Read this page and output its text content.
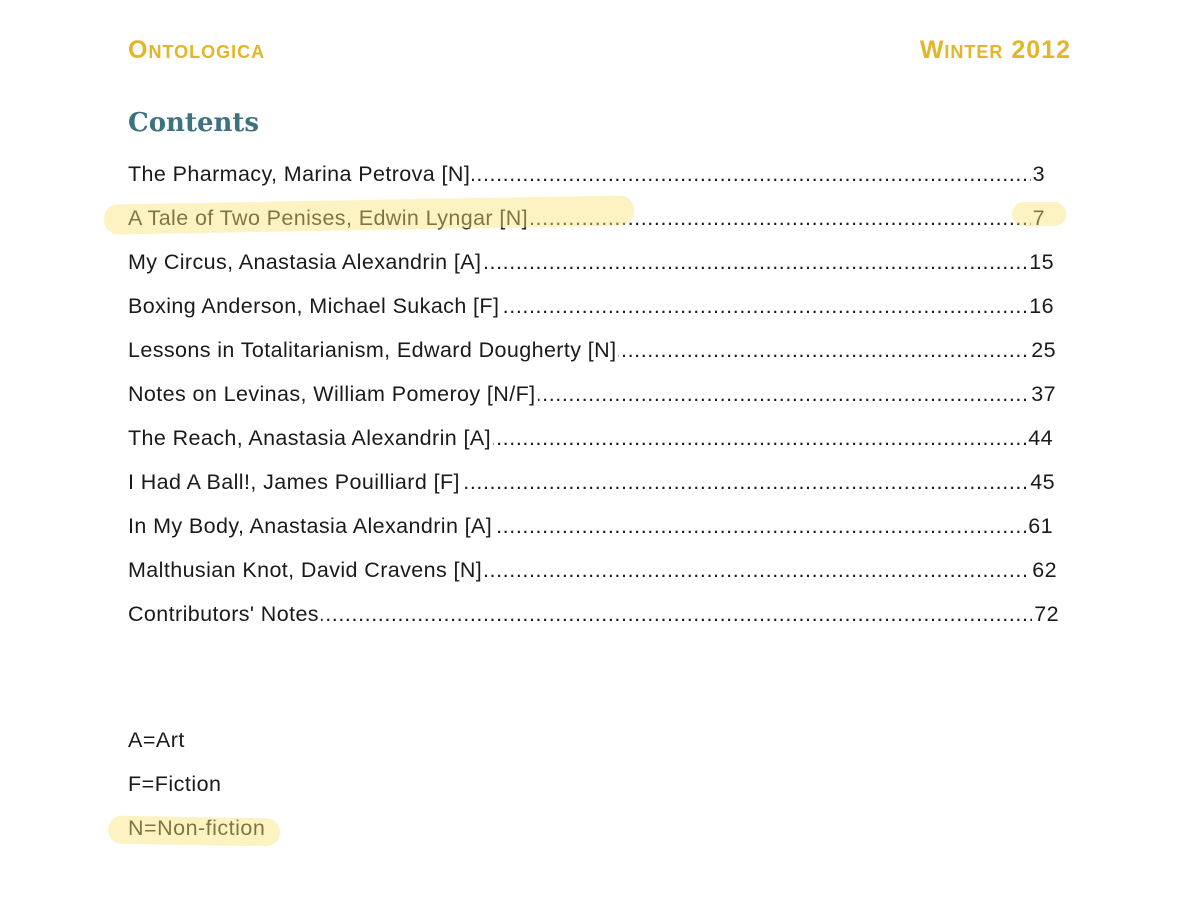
Ontologica	Winter 2012
Contents
.....
The Pharmacy, Marina Petrova [N]	3
.....
A Tale of Two Penises, Edwin Lyngar [N]	7
.....
My Circus, Anastasia Alexandrin [A]	15
.....
Boxing Anderson, Michael Sukach [F]	16
.....
Lessons in Totalitarianism, Edward Dougherty [N]	25
.....
Notes on Levinas, William Pomeroy [N/F]	37
.....
The Reach, Anastasia Alexandrin [A]	44
.....
I Had A Ball!, James Pouilliard [F]	45
.....
In My Body, Anastasia Alexandrin [A]	61
.....
Malthusian Knot, David Cravens [N]	62
.....
Contributors' Notes	72
A=Art
F=Fiction
N=Non-fiction
